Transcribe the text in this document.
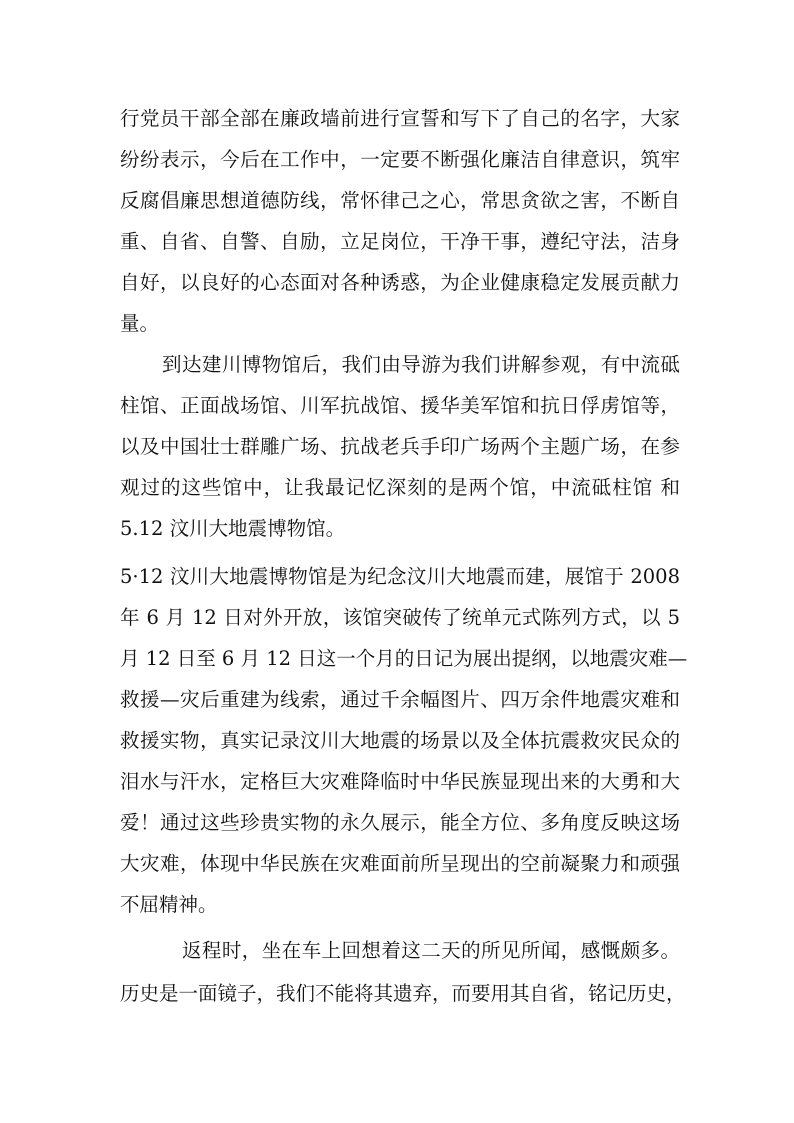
行党员干部全部在廉政墙前进行宣誓和写下了自己的名字，大家
纷纷表示，今后在工作中，一定要不断强化廉洁自律意识，筑牢
反腐倡廉思想道德防线，常怀律己之心，常思贪欲之害，不断自
重、自省、自警、自励，立足岗位，干净干事，遵纪守法，洁身
自好，以良好的心态面对各种诱惑，为企业健康稳定发展贡献力
量。
到达建川博物馆后，我们由导游为我们讲解参观，有中流砥
柱馆、正面战场馆、川军抗战馆、援华美军馆和抗日俘虏馆等，
以及中国壮士群雕广场、抗战老兵手印广场两个主题广场，在参
观过的这些馆中，让我最记忆深刻的是两个馆，中流砥柱馆 和
5.12 汶川大地震博物馆。
5·12 汶川大地震博物馆是为纪念汶川大地震而建，展馆于 2008
年 6 月 12 日对外开放，该馆突破传了统单元式陈列方式，以 5
月 12 日至 6 月 12 日这一个月的日记为展出提纲，以地震灾难—
救援—灾后重建为线索，通过千余幅图片、四万余件地震灾难和
救援实物，真实记录汶川大地震的场景以及全体抗震救灾民众的
泪水与汗水，定格巨大灾难降临时中华民族显现出来的大勇和大
爱！通过这些珍贵实物的永久展示，能全方位、多角度反映这场
大灾难，体现中华民族在灾难面前所呈现出的空前凝聚力和顽强
不屈精神。
返程时，坐在车上回想着这二天的所见所闻，感慨颇多。
历史是一面镜子，我们不能将其遗弃，而要用其自省，铭记历史，
